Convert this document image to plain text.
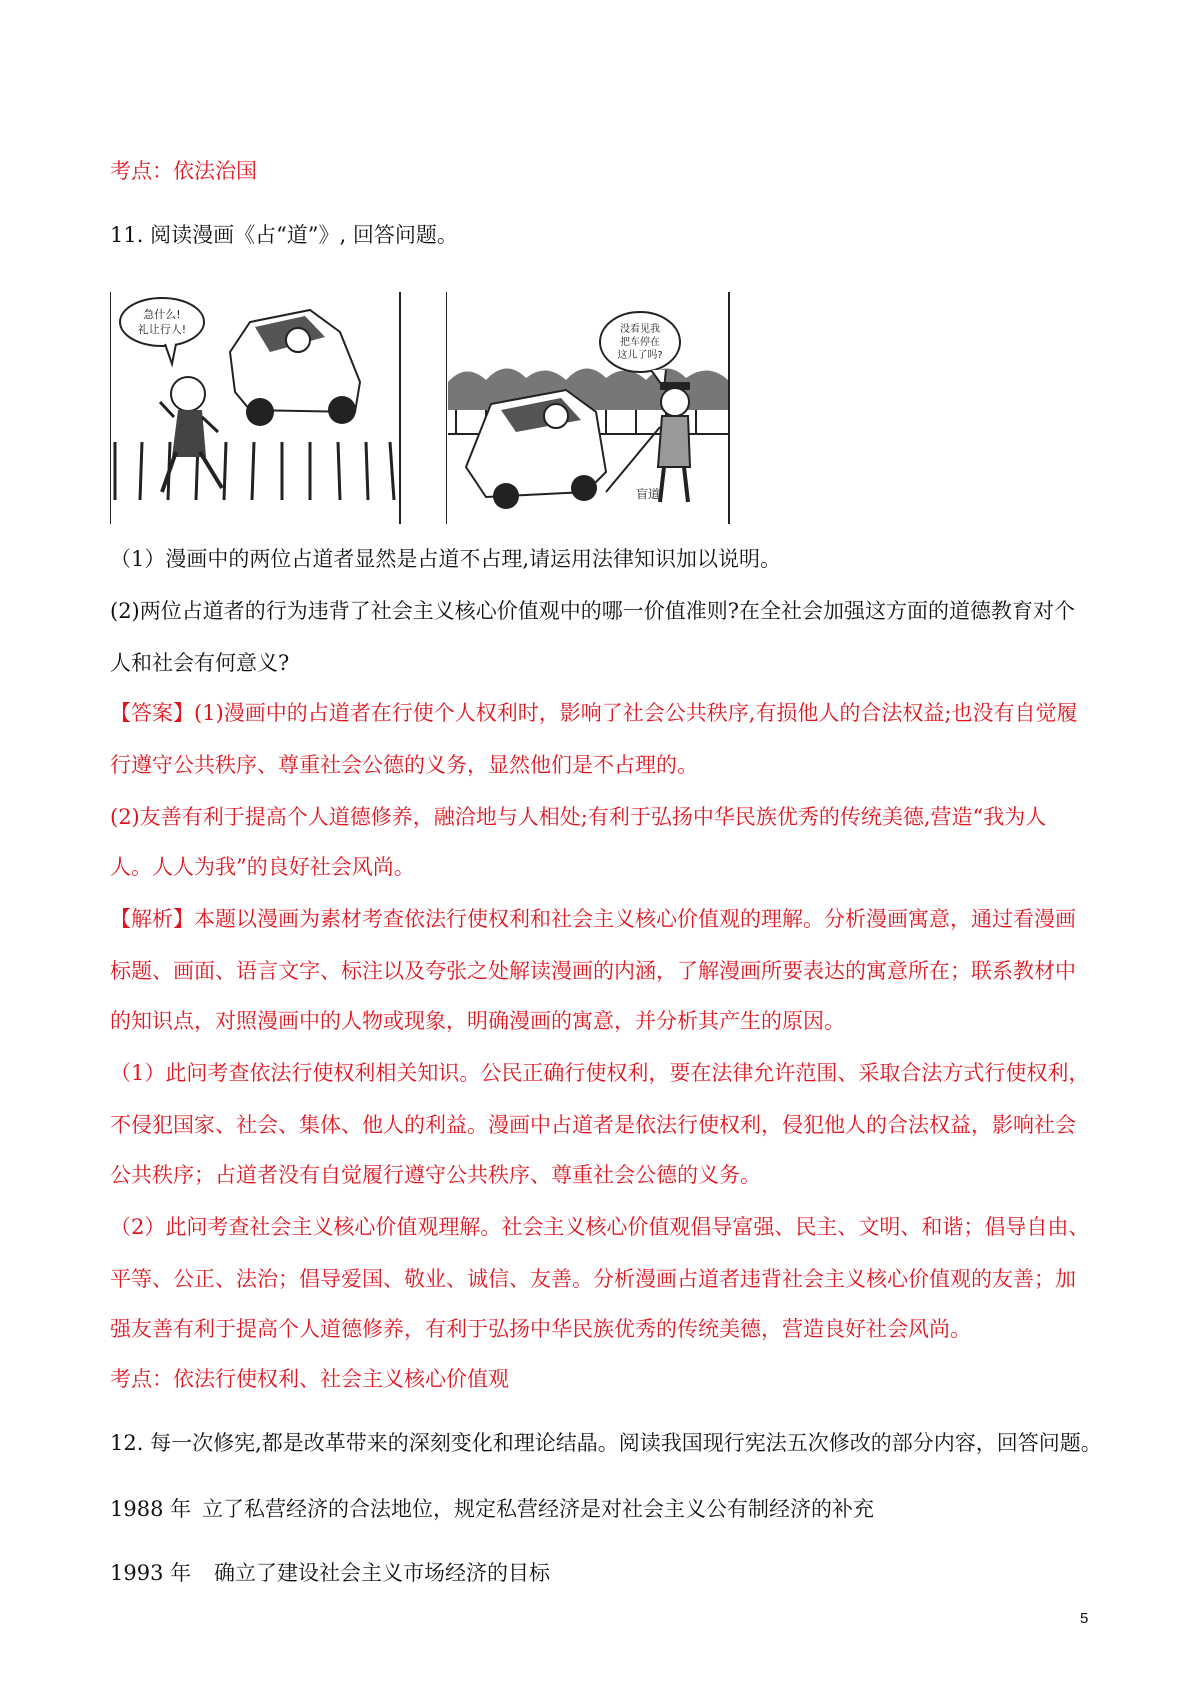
考点：依法治国
11. 阅读漫画《占“道”》, 回答问题。
急什么!
礼让行人!	没看见我
把车停在
这儿了吗?
盲道
（1）漫画中的两位占道者显然是占道不占理,请运用法律知识加以说明。
(2)两位占道者的行为违背了社会主义核心价值观中的哪一价值准则?在全社会加强这方面的道德教育对个
人和社会有何意义?
【答案】(1)漫画中的占道者在行使个人权利时，影响了社会公共秩序,有损他人的合法权益;也没有自觉履
行遵守公共秩序、尊重社会公德的义务，显然他们是不占理的。
(2)友善有利于提高个人道德修养，融洽地与人相处;有利于弘扬中华民族优秀的传统美德,营造“我为人
人。人人为我”的良好社会风尚。
【解析】本题以漫画为素材考查依法行使权利和社会主义核心价值观的理解。分析漫画寓意，通过看漫画
标题、画面、语言文字、标注以及夸张之处解读漫画的内涵，了解漫画所要表达的寓意所在；联系教材中
的知识点，对照漫画中的人物或现象，明确漫画的寓意，并分析其产生的原因。
（1）此问考查依法行使权利相关知识。公民正确行使权利，要在法律允许范围、采取合法方式行使权利，
不侵犯国家、社会、集体、他人的利益。漫画中占道者是依法行使权利，侵犯他人的合法权益，影响社会
公共秩序；占道者没有自觉履行遵守公共秩序、尊重社会公德的义务。
（2）此问考查社会主义核心价值观理解。社会主义核心价值观倡导富强、民主、文明、和谐；倡导自由、
平等、公正、法治；倡导爱国、敬业、诚信、友善。分析漫画占道者违背社会主义核心价值观的友善；加
强友善有利于提高个人道德修养，有利于弘扬中华民族优秀的传统美德，营造良好社会风尚。
考点：依法行使权利、社会主义核心价值观
12. 每一次修宪,都是改革带来的深刻变化和理论结晶。阅读我国现行宪法五次修改的部分内容，回答问题。
1988 年 立了私营经济的合法地位，规定私营经济是对社会主义公有制经济的补充
1993 年 确立了建设社会主义市场经济的目标
5
